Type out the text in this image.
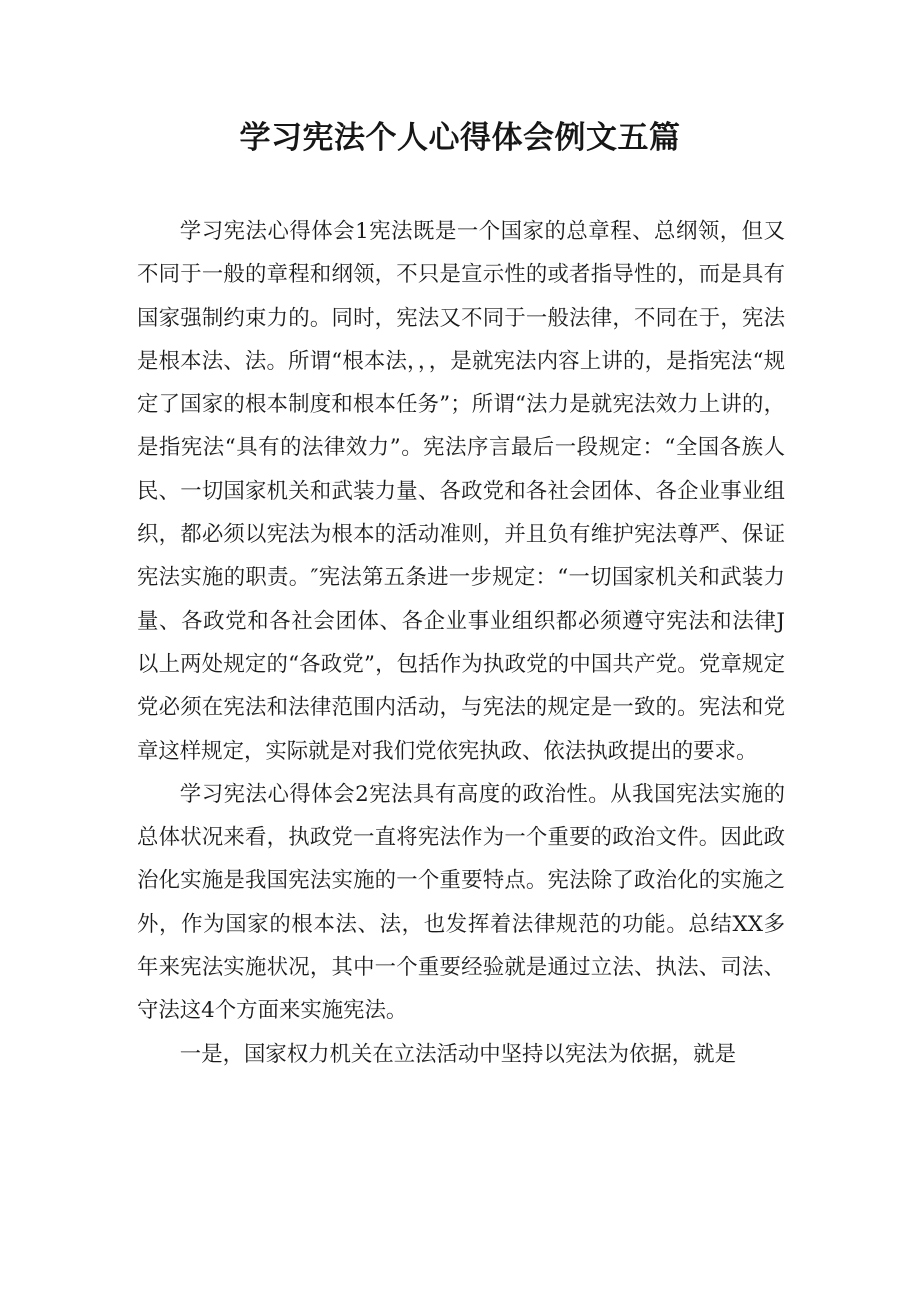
学习宪法个人心得体会例文五篇

学习宪法心得体会1宪法既是一个国家的总章程、总纲领，但又不同于一般的章程和纲领，不只是宣示性的或者指导性的，而是具有国家强制约束力的。同时，宪法又不同于一般法律，不同在于，宪法是根本法、法。所谓“根本法，，，是就宪法内容上讲的，是指宪法“规定了国家的根本制度和根本任务”；所谓“法力是就宪法效力上讲的，是指宪法“具有的法律效力”。宪法序言最后一段规定：“全国各族人民、一切国家机关和武装力量、各政党和各社会团体、各企业事业组织，都必须以宪法为根本的活动准则，并且负有维护宪法尊严、保证宪法实施的职责。″宪法第五条进一步规定：“一切国家机关和武装力量、各政党和各社会团体、各企业事业组织都必须遵守宪法和法律J以上两处规定的“各政党”，包括作为执政党的中国共产党。党章规定党必须在宪法和法律范围内活动，与宪法的规定是一致的。宪法和党章这样规定，实际就是对我们党依宪执政、依法执政提出的要求。

学习宪法心得体会2宪法具有高度的政治性。从我国宪法实施的总体状况来看，执政党一直将宪法作为一个重要的政治文件。因此政治化实施是我国宪法实施的一个重要特点。宪法除了政治化的实施之外，作为国家的根本法、法，也发挥着法律规范的功能。总结XX多年来宪法实施状况，其中一个重要经验就是通过立法、执法、司法、守法这4个方面来实施宪法。

一是，国家权力机关在立法活动中坚持以宪法为依据，就是
